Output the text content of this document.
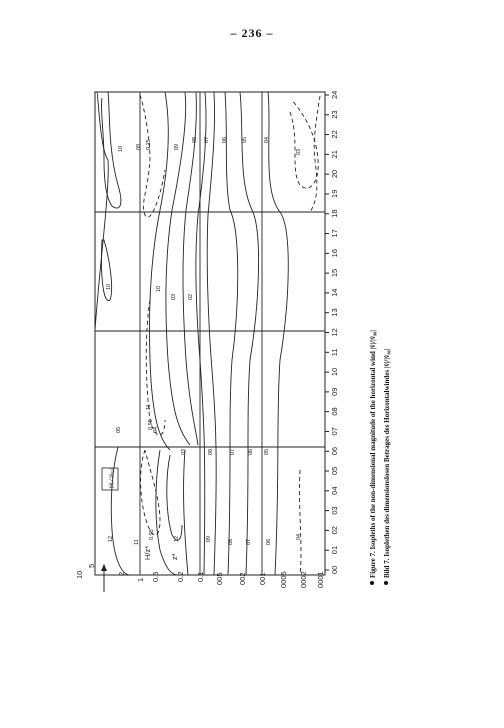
– 236 –
10
5
2
1 0.5 0.2 0.1 005 002 001 0005 0002 0001
z*
H/z*
00
01
02
03
04
05
06
07
08
09
10
11
12
13
14
15
16
17
18
19
20
21
22
23
24
|v̂| / |v̂₉₀|
10
12
11
12	09	08 07	06
05	04
03 02
10
09
08 07 06	05	04
03
10
11
08	07 06 05
04
03
09
0.95
0.95
0.25
Figure 7. Isopleths of the non-dimensional magnitude of the horizontal wind |v̂|/|v̂₉₀| Bild 7. Isoplethen des dimensionslosen Betrages des Horizontalwindes |v̂|/|v̂₉₀|
